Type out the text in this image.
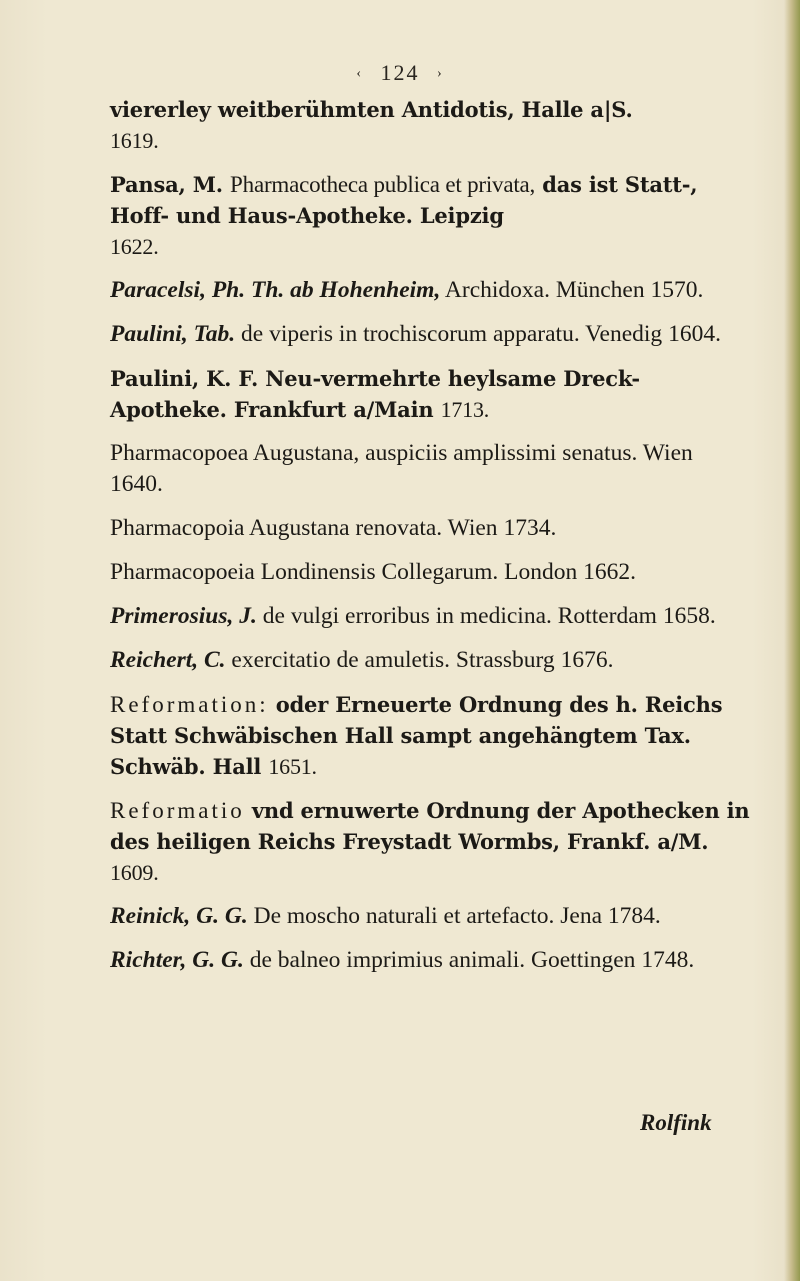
‹ 124 ›

viererley weitberühmten Antidotis, Halle a|S.
1619.

Pansa, M. Pharmacotheca publica et privata, das ist Statt-, Hoff- und Haus-Apotheke. Leipzig
1622.

Paracelsi, Ph. Th. ab Hohenheim, Archidoxa. München 1570.

Paulini, Tab. de viperis in trochiscorum apparatu. Venedig 1604.

Paulini, K. F. Neu-vermehrte heylsame Dreck-Apotheke. Frankfurt a/Main 1713.

Pharmacopoea Augustana, auspiciis amplissimi senatus. Wien 1640.

Pharmacopoia Augustana renovata. Wien 1734.

Pharmacopoeia Londinensis Collegarum. London 1662.

Primerosius, J. de vulgi erroribus in medicina. Rotterdam 1658.

Reichert, C. exercitatio de amuletis. Strassburg 1676.

Reformation: oder Erneuerte Ordnung des h. Reichs Statt Schwäbischen Hall sampt angehängtem Tax. Schwäb. Hall 1651.

Reformatio vnd ernuwerte Ordnung der Apothecken in des heiligen Reichs Freystadt Wormbs, Frankf. a/M. 1609.

Reinick, G. G. De moscho naturali et artefacto. Jena 1784.

Richter, G. G. de balneo imprimius animali. Goettingen 1748.

Rolfink
